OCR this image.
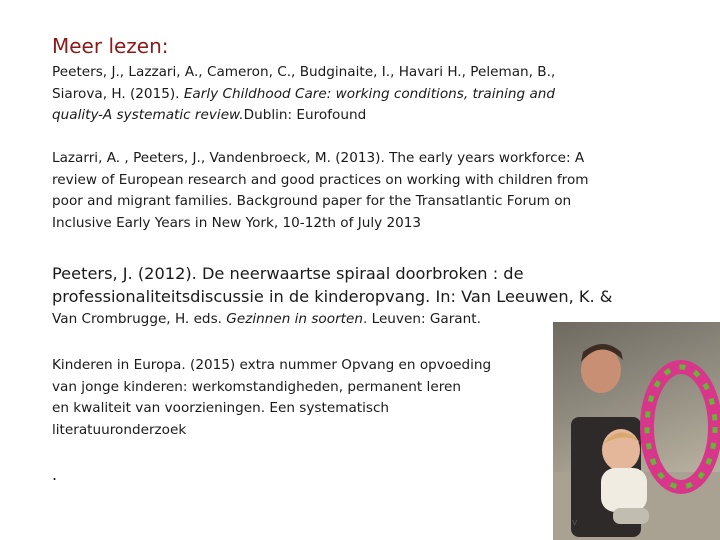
Meer lezen:
Peeters, J., Lazzari, A., Cameron, C., Budginaite, I., Havari H., Peleman, B.,
Siarova, H. (2015). Early Childhood Care: working conditions, training and
quality-A systematic review.Dublin: Eurofound
Lazarri, A. , Peeters, J., Vandenbroeck, M. (2013). The early years workforce: A
review of European research and good practices on working with children from
poor and migrant families. Background paper for the Transatlantic Forum on
Inclusive Early Years in New York, 10-12th of July 2013
Peeters, J. (2012). De neerwaartse spiraal doorbroken : de
professionaliteitsdiscussie in de kinderopvang. In: Van Leeuwen, K. &
Van Crombrugge, H. eds. Gezinnen in soorten. Leuven: Garant.
Kinderen in Europa. (2015) extra nummer Opvang en opvoeding
van jonge kinderen: werkomstandigheden, permanent leren
en kwaliteit van voorzieningen. Een systematisch
literatuuronderzoek
.
v
